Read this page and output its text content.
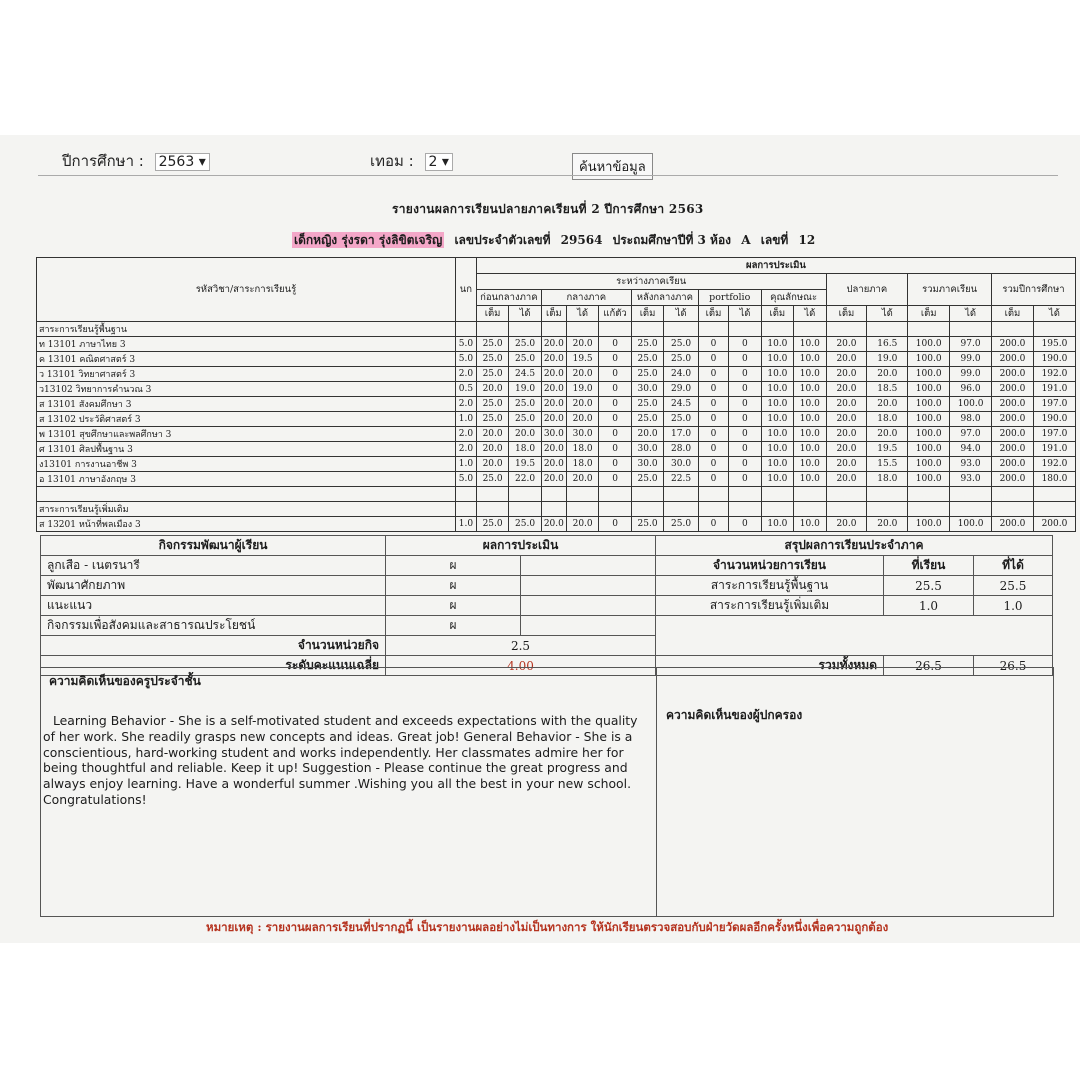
ปีการศึกษา : 2563 ▾	เทอม : 2 ▾	ค้นหาข้อมูล
รายงานผลการเรียนปลายภาคเรียนที่ 2 ปีการศึกษา 2563
เด็กหญิง รุ่งรดา รุ่งลิขิตเจริญ เลขประจำตัวเลขที่ 29564 ประถมศึกษาปีที่ 3 ห้อง A เลขที่ 12
รหัสวิชา/สาระการเรียนรู้	นก	ผลการประเมิน																
		ระหว่างภาคเรียน											ปลายภาค		รวมภาคเรียน		รวมปีการศึกษา	
		ก่อนกลางภาค		กลางภาค			หลังกลางภาค		portfolio		คุณลักษณะ							
		เต็ม	ได้	เต็ม	ได้	แก้ตัว	เต็ม	ได้	เต็ม	ได้	เต็ม	ได้	เต็ม	ได้	เต็ม	ได้	เต็ม	ได้
สาระการเรียนรู้พื้นฐาน																		
ท 13101 ภาษาไทย 3	5.0	25.0	25.0	20.0	20.0	0	25.0	25.0	0	0	10.0	10.0	20.0	16.5	100.0	97.0	200.0	195.0
ค 13101 คณิตศาสตร์ 3	5.0	25.0	25.0	20.0	19.5	0	25.0	25.0	0	0	10.0	10.0	20.0	19.0	100.0	99.0	200.0	190.0
ว 13101 วิทยาศาสตร์ 3	2.0	25.0	24.5	20.0	20.0	0	25.0	24.0	0	0	10.0	10.0	20.0	20.0	100.0	99.0	200.0	192.0
ว13102 วิทยาการคำนวณ 3	0.5	20.0	19.0	20.0	19.0	0	30.0	29.0	0	0	10.0	10.0	20.0	18.5	100.0	96.0	200.0	191.0
ส 13101 สังคมศึกษา 3	2.0	25.0	25.0	20.0	20.0	0	25.0	24.5	0	0	10.0	10.0	20.0	20.0	100.0	100.0	200.0	197.0
ส 13102 ประวัติศาสตร์ 3	1.0	25.0	25.0	20.0	20.0	0	25.0	25.0	0	0	10.0	10.0	20.0	18.0	100.0	98.0	200.0	190.0
พ 13101 สุขศึกษาและพลศึกษา 3	2.0	20.0	20.0	30.0	30.0	0	20.0	17.0	0	0	10.0	10.0	20.0	20.0	100.0	97.0	200.0	197.0
ศ 13101 ศิลปพื้นฐาน 3	2.0	20.0	18.0	20.0	18.0	0	30.0	28.0	0	0	10.0	10.0	20.0	19.5	100.0	94.0	200.0	191.0
ง13101 การงานอาชีพ 3	1.0	20.0	19.5	20.0	18.0	0	30.0	30.0	0	0	10.0	10.0	20.0	15.5	100.0	93.0	200.0	192.0
อ 13101 ภาษาอังกฤษ 3	5.0	25.0	22.0	20.0	20.0	0	25.0	22.5	0	0	10.0	10.0	20.0	18.0	100.0	93.0	200.0	180.0

สาระการเรียนรู้เพิ่มเติม																		
ส 13201 หน้าที่พลเมือง 3	1.0	25.0	25.0	20.0	20.0	0	25.0	25.0	0	0	10.0	10.0	20.0	20.0	100.0	100.0	200.0	200.0
กิจกรรมพัฒนาผู้เรียน	ผลการประเมิน		สรุปผลการเรียนประจำภาค		
ลูกเสือ - เนตรนารี	ผ		จำนวนหน่วยการเรียน	ที่เรียน	ที่ได้
พัฒนาศักยภาพ	ผ		สาระการเรียนรู้พื้นฐาน	25.5	25.5
แนะแนว	ผ		สาระการเรียนรู้เพิ่มเติม	1.0	1.0
กิจกรรมเพื่อสังคมและสาธารณประโยชน์	ผ				
จำนวนหน่วยกิจ	2.5				
ระดับคะแนนเฉลี่ย	4.00		รวมทั้งหมด	26.5	26.5
ความคิดเห็นของครูประจำชั้น
Learning Behavior - She is a self-motivated student and exceeds expectations with the quality of her work. She readily grasps new concepts and ideas. Great job! General Behavior - She is a conscientious, hard-working student and works independently. Her classmates admire her for being thoughtful and reliable. Keep it up! Suggestion - Please continue the great progress and always enjoy learning. Have a wonderful summer .Wishing you all the best in your new school. Congratulations!
ความคิดเห็นของผู้ปกครอง
หมายเหตุ : รายงานผลการเรียนที่ปรากฏนี้ เป็นรายงานผลอย่างไม่เป็นทางการ ให้นักเรียนตรวจสอบกับฝ่ายวัดผลอีกครั้งหนึ่งเพื่อความถูกต้อง
